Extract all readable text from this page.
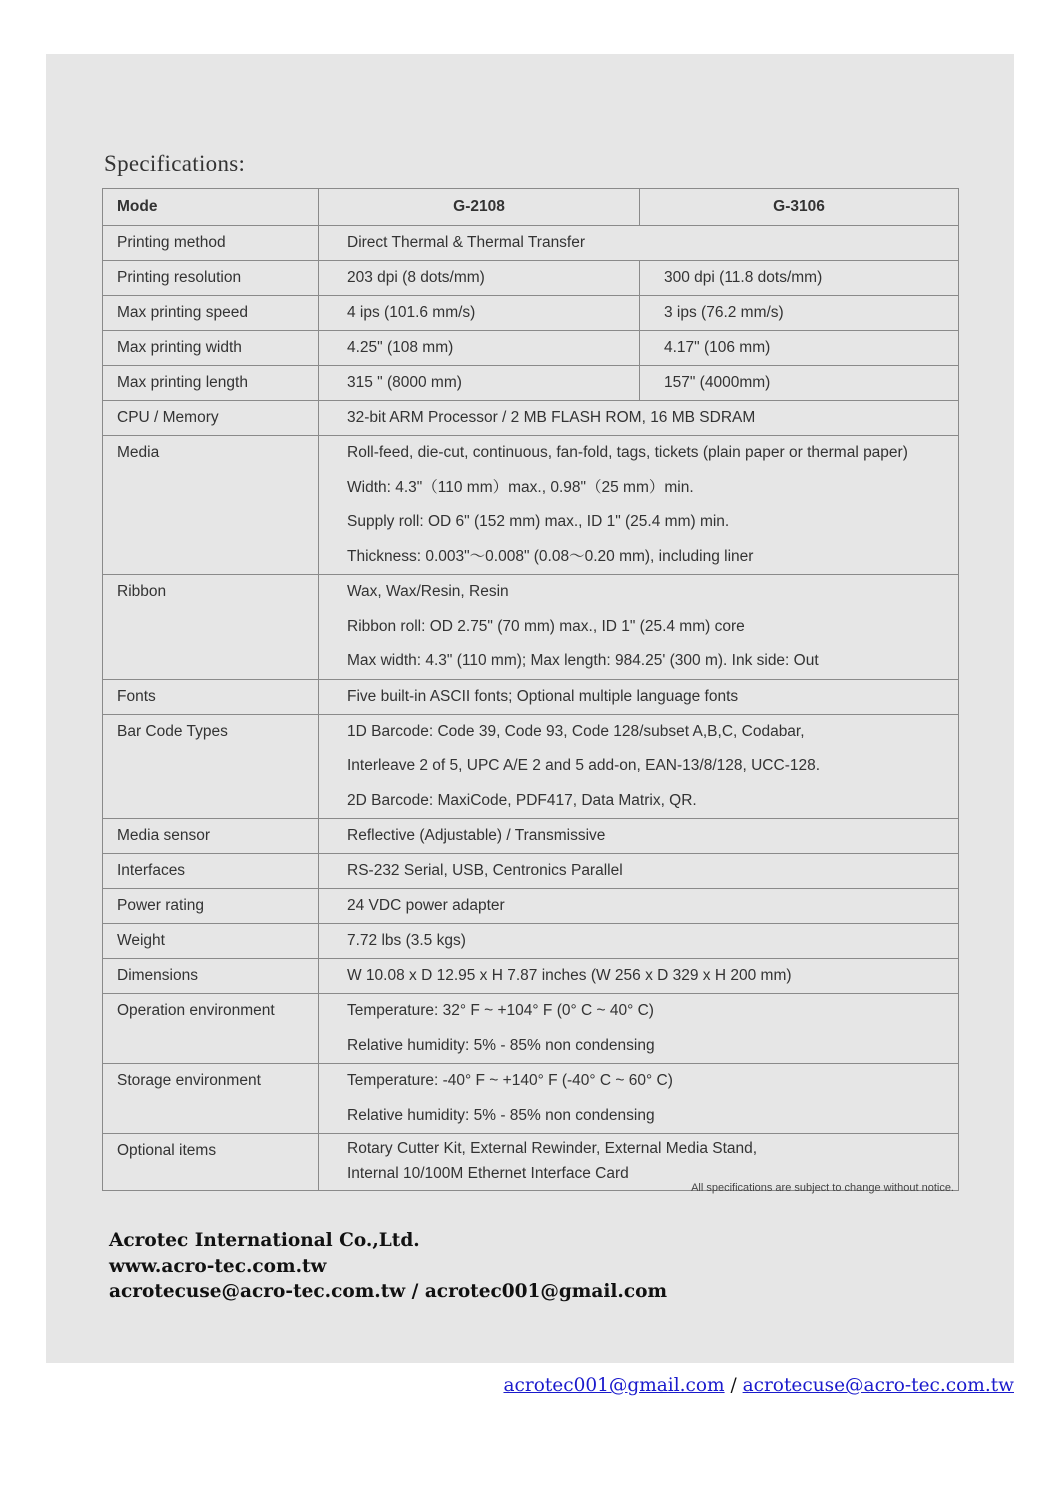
Specifications:
Mode	G-2108	G-3106
Printing method	Direct Thermal & Thermal Transfer	

Printing resolution	203 dpi (8 dots/mm)	300 dpi (11.8 dots/mm)

Max printing speed	4 ips (101.6 mm/s)	3 ips (76.2 mm/s)

Max printing width	4.25" (108 mm)	4.17" (106 mm)

Max printing length	315 " (8000 mm)	157" (4000mm)

CPU / Memory	32-bit ARM Processor / 2 MB FLASH ROM, 16 MB SDRAM	

Media	Roll-feed, die-cut, continuous, fan-fold, tags, tickets (plain paper or thermal paper)
Width: 4.3"（110 mm）max., 0.98"（25 mm）min.
Supply roll: OD 6" (152 mm) max., ID 1" (25.4 mm) min.
Thickness: 0.003"～0.008" (0.08～0.20 mm), including liner	

Ribbon	Wax, Wax/Resin, Resin
Ribbon roll: OD 2.75" (70 mm) max., ID 1" (25.4 mm) core
Max width: 4.3" (110 mm); Max length: 984.25' (300 m). Ink side: Out	

Fonts	Five built-in ASCII fonts; Optional multiple language fonts	

Bar Code Types	1D Barcode: Code 39, Code 93, Code 128/subset A,B,C, Codabar,
Interleave 2 of 5, UPC A/E 2 and 5 add-on, EAN-13/8/128, UCC-128.
2D Barcode: MaxiCode, PDF417, Data Matrix, QR.	

Media sensor	Reflective (Adjustable) / Transmissive	

Interfaces	RS-232 Serial, USB, Centronics Parallel	

Power rating	24 VDC power adapter	

Weight	7.72 lbs (3.5 kgs)	

Dimensions	W 10.08 x D 12.95 x H 7.87 inches (W 256 x D 329 x H 200 mm)	

Operation environment	Temperature: 32° F ~ +104° F (0° C ~ 40° C)
Relative humidity: 5% - 85% non condensing	

Storage environment	Temperature: -40° F ~ +140° F (-40° C ~ 60° C)
Relative humidity: 5% - 85% non condensing	

Optional items	Rotary Cutter Kit, External Rewinder, External Media Stand,
Internal 10/100M Ethernet Interface Card	
All specifications are subject to change without notice.
Acrotec International Co.,Ltd.
www.acro-tec.com.tw
acrotecuse@acro-tec.com.tw / acrotec001@gmail.com
acrotec001@gmail.com / acrotecuse@acro-tec.com.tw
